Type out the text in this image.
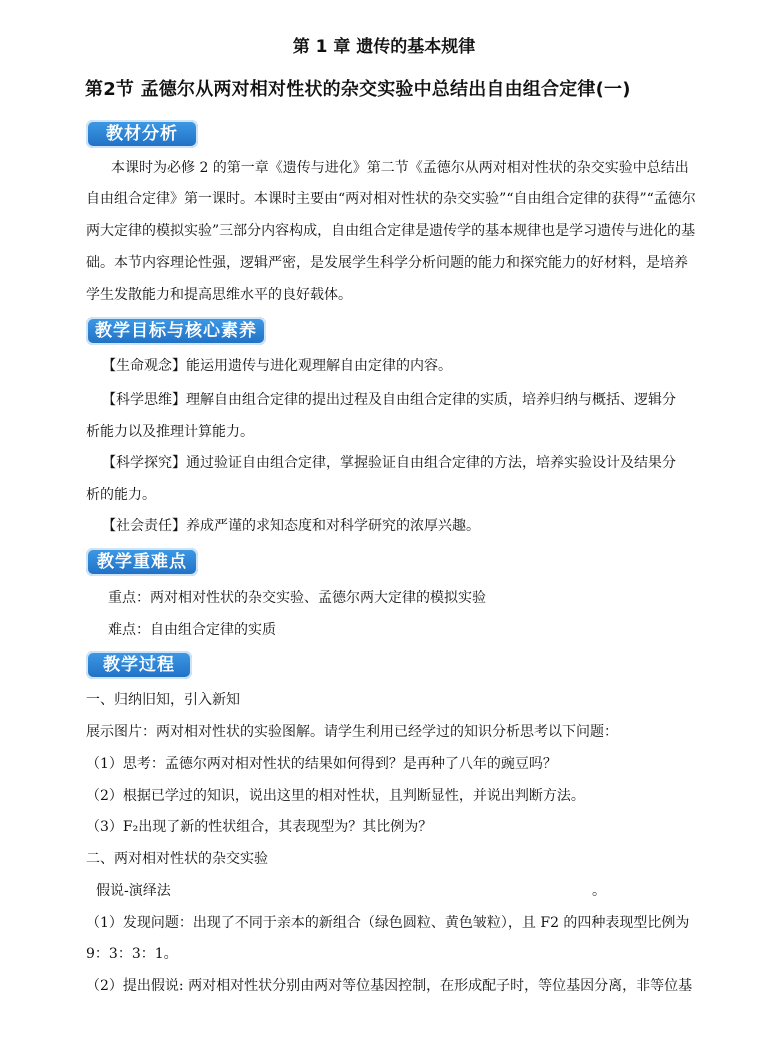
第 1 章 遗传的基本规律
第2节 孟德尔从两对相对性状的杂交实验中总结出自由组合定律(一)
教材分析
本课时为必修 2 的第一章《遗传与进化》第二节《孟德尔从两对相对性状的杂交实验中总结出
自由组合定律》第一课时。本课时主要由“两对相对性状的杂交实验”“自由组合定律的获得”“孟德尔
两大定律的模拟实验”三部分内容构成，自由组合定律是遗传学的基本规律也是学习遗传与进化的基
础。本节内容理论性强，逻辑严密，是发展学生科学分析问题的能力和探究能力的好材料，是培养
学生发散能力和提高思维水平的良好载体。
教学目标与核心素养
【生命观念】能运用遗传与进化观理解自由定律的内容。
【科学思维】理解自由组合定律的提出过程及自由组合定律的实质，培养归纳与概括、逻辑分
析能力以及推理计算能力。
【科学探究】通过验证自由组合定律，掌握验证自由组合定律的方法，培养实验设计及结果分
析的能力。
【社会责任】养成严谨的求知态度和对科学研究的浓厚兴趣。
教学重难点
重点：两对相对性状的杂交实验、孟德尔两大定律的模拟实验
难点：自由组合定律的实质
教学过程
一、归纳旧知，引入新知
展示图片：两对相对性状的实验图解。请学生利用已经学过的知识分析思考以下问题：
（1）思考：孟德尔两对相对性状的结果如何得到？是再种了八年的豌豆吗？
（2）根据已学过的知识，说出这里的相对性状，且判断显性，并说出判断方法。
（3）F₂出现了新的性状组合，其表现型为？其比例为？
二、两对相对性状的杂交实验
假说-演绎法	。
（1）发现问题：出现了不同于亲本的新组合（绿色圆粒、黄色皱粒），且 F2 的四种表现型比例为
9：3：3：1。
（2）提出假说: 两对相对性状分别由两对等位基因控制，在形成配子时，等位基因分离，非等位基
